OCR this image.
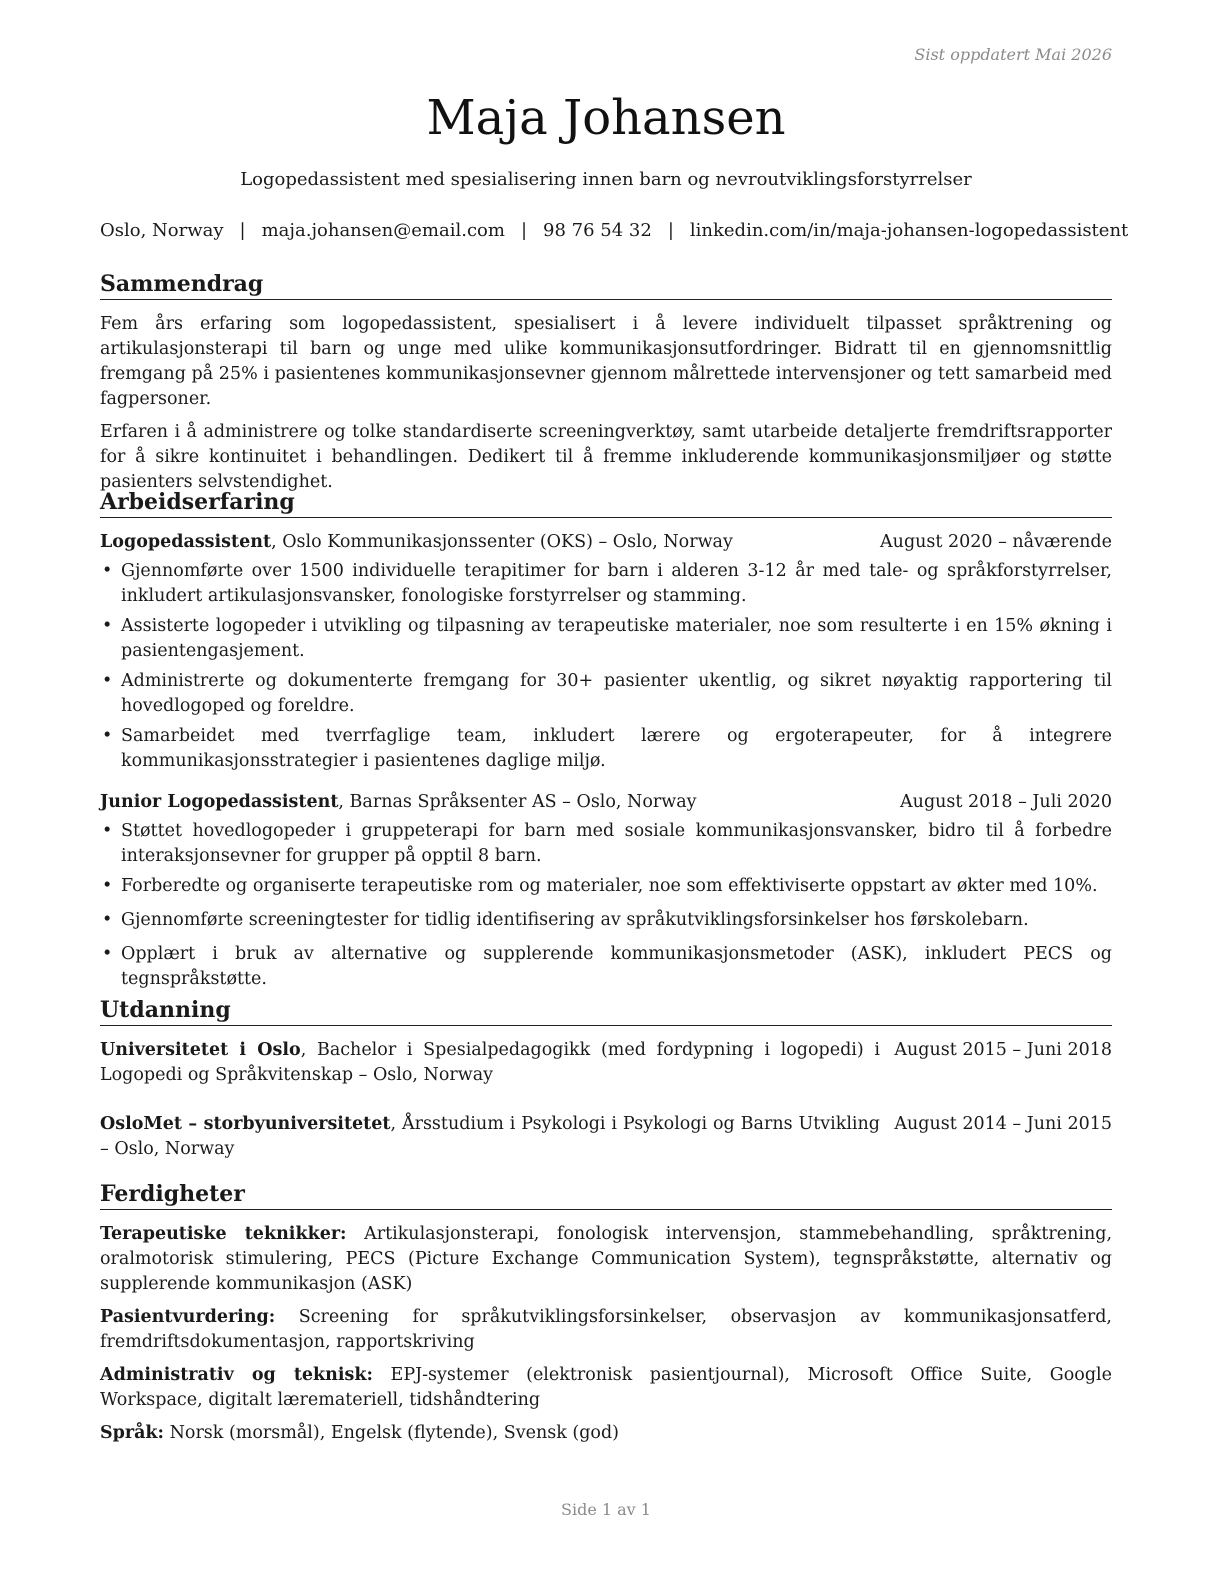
Sist oppdatert Mai 2026
Maja Johansen
Logopedassistent med spesialisering innen barn og nevroutviklingsforstyrrelser
Oslo, Norway | maja.johansen@email.com | 98 76 54 32 | linkedin.com/in/maja-johansen-logopedassistent
Sammendrag

Fem års erfaring som logopedassistent, spesialisert i å levere individuelt tilpasset språktrening og artikulasjonsterapi til barn og unge med ulike kommunikasjonsutfordringer. Bidratt til en gjennomsnittlig fremgang på 25% i pasientenes kommunikasjonsevner gjennom målrettede intervensjoner og tett samarbeid med fagpersoner.

Erfaren i å administrere og tolke standardiserte screeningverktøy, samt utarbeide detaljerte fremdriftsrapporter for å sikre kontinuitet i behandlingen. Dedikert til å fremme inkluderende kommunikasjonsmiljøer og støtte pasienters selvstendighet.

Arbeidserfaring
Logopedassistent, Oslo Kommunikasjonssenter (OKS) – Oslo, Norway	August 2020 – nåværende
• Gjennomførte over 1500 individuelle terapitimer for barn i alderen 3-12 år med tale- og språkforstyrrelser, inkludert artikulasjonsvansker, fonologiske forstyrrelser og stamming.
• Assisterte logopeder i utvikling og tilpasning av terapeutiske materialer, noe som resulterte i en 15% økning i pasientengasjement.
• Administrerte og dokumenterte fremgang for 30+ pasienter ukentlig, og sikret nøyaktig rapportering til hovedlogoped og foreldre.
• Samarbeidet med tverrfaglige team, inkludert lærere og ergoterapeuter, for å integrere kommunikasjonsstrategier i pasientenes daglige miljø.
Junior Logopedassistent, Barnas Språksenter AS – Oslo, Norway	August 2018 – Juli 2020
• Støttet hovedlogopeder i gruppeterapi for barn med sosiale kommunikasjonsvansker, bidro til å forbedre interaksjonsevner for grupper på opptil 8 barn.
• Forberedte og organiserte terapeutiske rom og materialer, noe som effektiviserte oppstart av økter med 10%.
• Gjennomførte screeningtester for tidlig identifisering av språkutviklingsforsinkelser hos førskolebarn.
• Opplært i bruk av alternative og supplerende kommunikasjonsmetoder (ASK), inkludert PECS og tegnspråkstøtte.
Utdanning
Universitetet i Oslo, Bachelor i Spesialpedagogikk (med fordypning i logopedi) i Logopedi og Språkvitenskap – Oslo, Norway
August 2015 – Juni 2018
OsloMet – storbyuniversitetet, Årsstudium i Psykologi i Psykologi og Barns Utvikling – Oslo, Norway
August 2014 – Juni 2015
Ferdigheter

Terapeutiske teknikker: Artikulasjonsterapi, fonologisk intervensjon, stammebehandling, språktrening, oralmotorisk stimulering, PECS (Picture Exchange Communication System), tegnspråkstøtte, alternativ og supplerende kommunikasjon (ASK)

Pasientvurdering: Screening for språkutviklingsforsinkelser, observasjon av kommunikasjonsatferd, fremdriftsdokumentasjon, rapportskriving

Administrativ og teknisk: EPJ-systemer (elektronisk pasientjournal), Microsoft Office Suite, Google Workspace, digitalt læremateriell, tidshåndtering

Språk: Norsk (morsmål), Engelsk (flytende), Svensk (god)

Side 1 av 1
